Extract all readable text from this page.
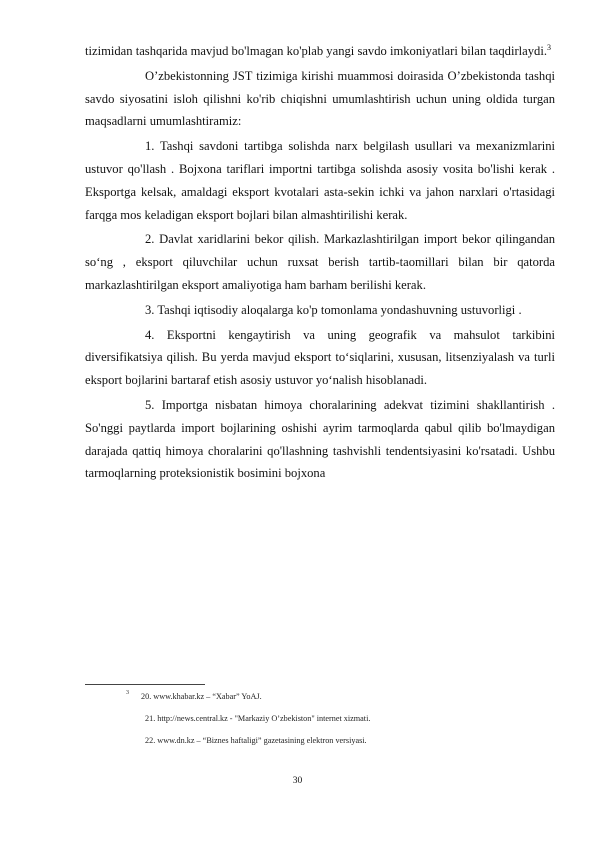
tizimidan tashqarida mavjud bo'lmagan ko'plab yangi savdo imkoniyatlari bilan taqdirlaydi.$^3$

O’zbekistonning JST tizimiga kirishi muammosi doirasida O’zbekistonda tashqi savdo siyosatini isloh qilishni ko'rib chiqishni umumlashtirish uchun uning oldida turgan maqsadlarni umumlashtiramiz:

1. Tashqi savdoni tartibga solishda narx belgilash usullari va mexanizmlarini ustuvor qo'llash . Bojxona tariflari importni tartibga solishda asosiy vosita bo'lishi kerak . Eksportga kelsak, amaldagi eksport kvotalari asta-sekin ichki va jahon narxlari o'rtasidagi farqga mos keladigan eksport bojlari bilan almashtirilishi kerak.

2. Davlat xaridlarini bekor qilish. Markazlashtirilgan import bekor qilingandan so‘ng , eksport qiluvchilar uchun ruxsat berish tartib-taomillari bilan bir qatorda markazlashtirilgan eksport amaliyotiga ham barham berilishi kerak.

3. Tashqi iqtisodiy aloqalarga ko'p tomonlama yondashuvning ustuvorligi .

4. Eksportni kengaytirish va uning geografik va mahsulot tarkibini diversifikatsiya qilish. Bu yerda mavjud eksport to‘siqlarini, xususan, litsenziyalash va turli eksport bojlarini bartaraf etish asosiy ustuvor yo‘nalish hisoblanadi.

5. Importga nisbatan himoya choralarining adekvat tizimini shakllantirish . So'nggi paytlarda import bojlarining oshishi ayrim tarmoqlarda qabul qilib bo'lmaydigan darajada qattiq himoya choralarini qo'llashning tashvishli tendentsiyasini ko'rsatadi. Ushbu tarmoqlarning proteksionistik bosimini bojxona

3 20. www.khabar.kz – “Xabar” YoAJ.
21. http://news.central.kz - "Markaziy O’zbekiston" internet xizmati.
22. www.dn.kz – “Biznes haftaligi” gazetasining elektron versiyasi.
30
